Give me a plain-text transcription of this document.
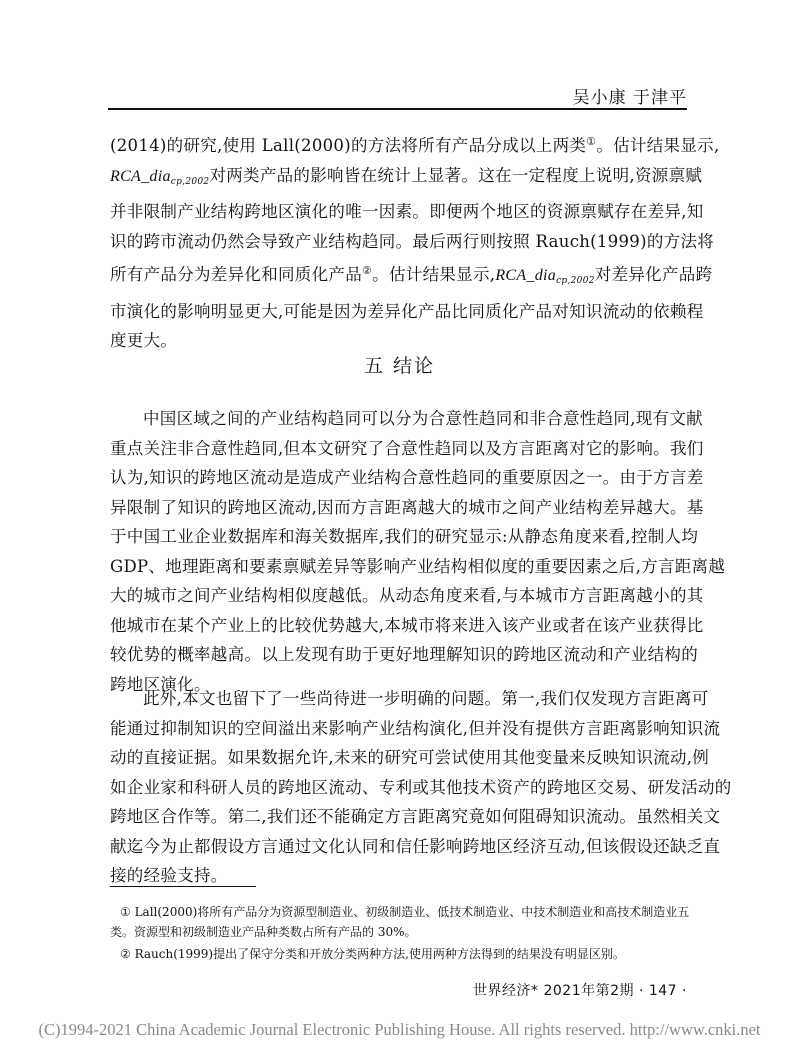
吴小康 于津平
(2014)的研究,使用 Lall(2000)的方法将所有产品分成以上两类①。估计结果显示,
RCA_dia$_{cp,2002}$对两类产品的影响皆在统计上显著。这在一定程度上说明,资源禀赋
并非限制产业结构跨地区演化的唯一因素。即便两个地区的资源禀赋存在差异,知
识的跨市流动仍然会导致产业结构趋同。最后两行则按照 Rauch(1999)的方法将
所有产品分为差异化和同质化产品②。估计结果显示,RCA_dia$_{cp,2002}$对差异化产品跨
市演化的影响明显更大,可能是因为差异化产品比同质化产品对知识流动的依赖程
度更大。
五 结论
中国区域之间的产业结构趋同可以分为合意性趋同和非合意性趋同,现有文献
重点关注非合意性趋同,但本文研究了合意性趋同以及方言距离对它的影响。我们
认为,知识的跨地区流动是造成产业结构合意性趋同的重要原因之一。由于方言差
异限制了知识的跨地区流动,因而方言距离越大的城市之间产业结构差异越大。基
于中国工业企业数据库和海关数据库,我们的研究显示:从静态角度来看,控制人均
GDP、地理距离和要素禀赋差异等影响产业结构相似度的重要因素之后,方言距离越
大的城市之间产业结构相似度越低。从动态角度来看,与本城市方言距离越小的其
他城市在某个产业上的比较优势越大,本城市将来进入该产业或者在该产业获得比
较优势的概率越高。以上发现有助于更好地理解知识的跨地区流动和产业结构的
跨地区演化。
此外,本文也留下了一些尚待进一步明确的问题。第一,我们仅发现方言距离可
能通过抑制知识的空间溢出来影响产业结构演化,但并没有提供方言距离影响知识流
动的直接证据。如果数据允许,未来的研究可尝试使用其他变量来反映知识流动,例
如企业家和科研人员的跨地区流动、专利或其他技术资产的跨地区交易、研发活动的
跨地区合作等。第二,我们还不能确定方言距离究竟如何阻碍知识流动。虽然相关文
献迄今为止都假设方言通过文化认同和信任影响跨地区经济互动,但该假设还缺乏直
接的经验支持。
① Lall(2000)将所有产品分为资源型制造业、初级制造业、低技术制造业、中技术制造业和高技术制造业五
类。资源型和初级制造业产品种类数占所有产品的 30%。
② Rauch(1999)提出了保守分类和开放分类两种方法,使用两种方法得到的结果没有明显区别。
世界经济* 2021年第2期 · 147 ·
(C)1994-2021 China Academic Journal Electronic Publishing House. All rights reserved. http://www.cnki.net
